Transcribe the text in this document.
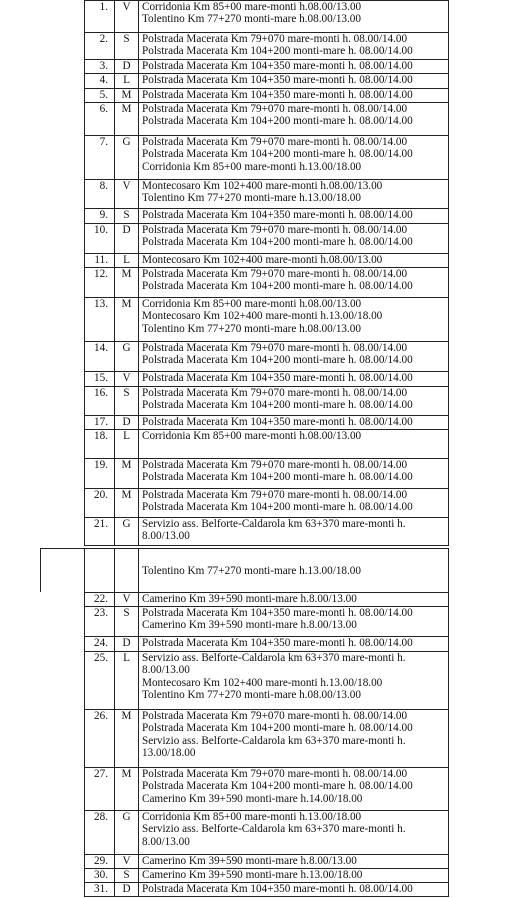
1.	V	Corridonia Km 85+00 mare-monti h.08.00/13.00
Tolentino Km 77+270 monti-mare h.08.00/13.00
2.	S	Polstrada Macerata Km 79+070 mare-monti h. 08.00/14.00
Polstrada Macerata Km 104+200 monti-mare h. 08.00/14.00
3.	D	Polstrada Macerata Km 104+350 mare-monti h. 08.00/14.00
4.	L	Polstrada Macerata Km 104+350 mare-monti h. 08.00/14.00
5.	M Polstrada Macerata Km 104+350 mare-monti h. 08.00/14.00
6.	M Polstrada Macerata Km 79+070 mare-monti h. 08.00/14.00
Polstrada Macerata Km 104+200 monti-mare h. 08.00/14.00
7.	G	Polstrada Macerata Km 79+070 mare-monti h. 08.00/14.00
Polstrada Macerata Km 104+200 monti-mare h. 08.00/14.00
Corridonia Km 85+00 mare-monti h.13.00/18.00
8.	V	Montecosaro Km 102+400 mare-monti h.08.00/13.00
Tolentino Km 77+270 monti-mare h.13.00/18.00
9.	S	Polstrada Macerata Km 104+350 mare-monti h. 08.00/14.00
10.	D	Polstrada Macerata Km 79+070 mare-monti h. 08.00/14.00
Polstrada Macerata Km 104+200 monti-mare h. 08.00/14.00
11.	L	Montecosaro Km 102+400 mare-monti h.08.00/13.00
12.	M Polstrada Macerata Km 79+070 mare-monti h. 08.00/14.00
Polstrada Macerata Km 104+200 monti-mare h. 08.00/14.00
13.	M Corridonia Km 85+00 mare-monti h.08.00/13.00
Montecosaro Km 102+400 mare-monti h.13.00/18.00
Tolentino Km 77+270 monti-mare h.08.00/13.00
14.	G	Polstrada Macerata Km 79+070 mare-monti h. 08.00/14.00
Polstrada Macerata Km 104+200 monti-mare h. 08.00/14.00
15.	V	Polstrada Macerata Km 104+350 mare-monti h. 08.00/14.00
16.	S	Polstrada Macerata Km 79+070 mare-monti h. 08.00/14.00
Polstrada Macerata Km 104+200 monti-mare h. 08.00/14.00
17.	D	Polstrada Macerata Km 104+350 mare-monti h. 08.00/14.00
18.	L	Corridonia Km 85+00 mare-monti h.08.00/13.00
19.	M Polstrada Macerata Km 79+070 mare-monti h. 08.00/14.00
Polstrada Macerata Km 104+200 monti-mare h. 08.00/14.00
20.	M Polstrada Macerata Km 79+070 mare-monti h. 08.00/14.00
Polstrada Macerata Km 104+200 monti-mare h. 08.00/14.00
21.	G	Servizio ass. Belforte-Caldarola km 63+370 mare-monti h.
8.00/13.00
Tolentino Km 77+270 monti-mare h.13.00/18.00
22.	V	Camerino Km 39+590 monti-mare h.8.00/13.00
23.	S	Polstrada Macerata Km 104+350 mare-monti h. 08.00/14.00
Camerino Km 39+590 monti-mare h.8.00/13.00
24.	D	Polstrada Macerata Km 104+350 mare-monti h. 08.00/14.00
25.	L	Servizio ass. Belforte-Caldarola km 63+370 mare-monti h.
8.00/13.00
Montecosaro Km 102+400 mare-monti h.13.00/18.00
Tolentino Km 77+270 monti-mare h.08.00/13.00
26.	M Polstrada Macerata Km 79+070 mare-monti h. 08.00/14.00
Polstrada Macerata Km 104+200 monti-mare h. 08.00/14.00
Servizio ass. Belforte-Caldarola km 63+370 mare-monti h.
13.00/18.00
27.	M Polstrada Macerata Km 79+070 mare-monti h. 08.00/14.00
Polstrada Macerata Km 104+200 monti-mare h. 08.00/14.00
Camerino Km 39+590 monti-mare h.14.00/18.00
28.	G	Corridonia Km 85+00 mare-monti h.13.00/18.00
Servizio ass. Belforte-Caldarola km 63+370 mare-monti h.
8.00/13.00
29.	V	Camerino Km 39+590 monti-mare h.8.00/13.00
30.	S	Camerino Km 39+590 monti-mare h.13.00/18.00
31.	D	Polstrada Macerata Km 104+350 mare-monti h. 08.00/14.00
